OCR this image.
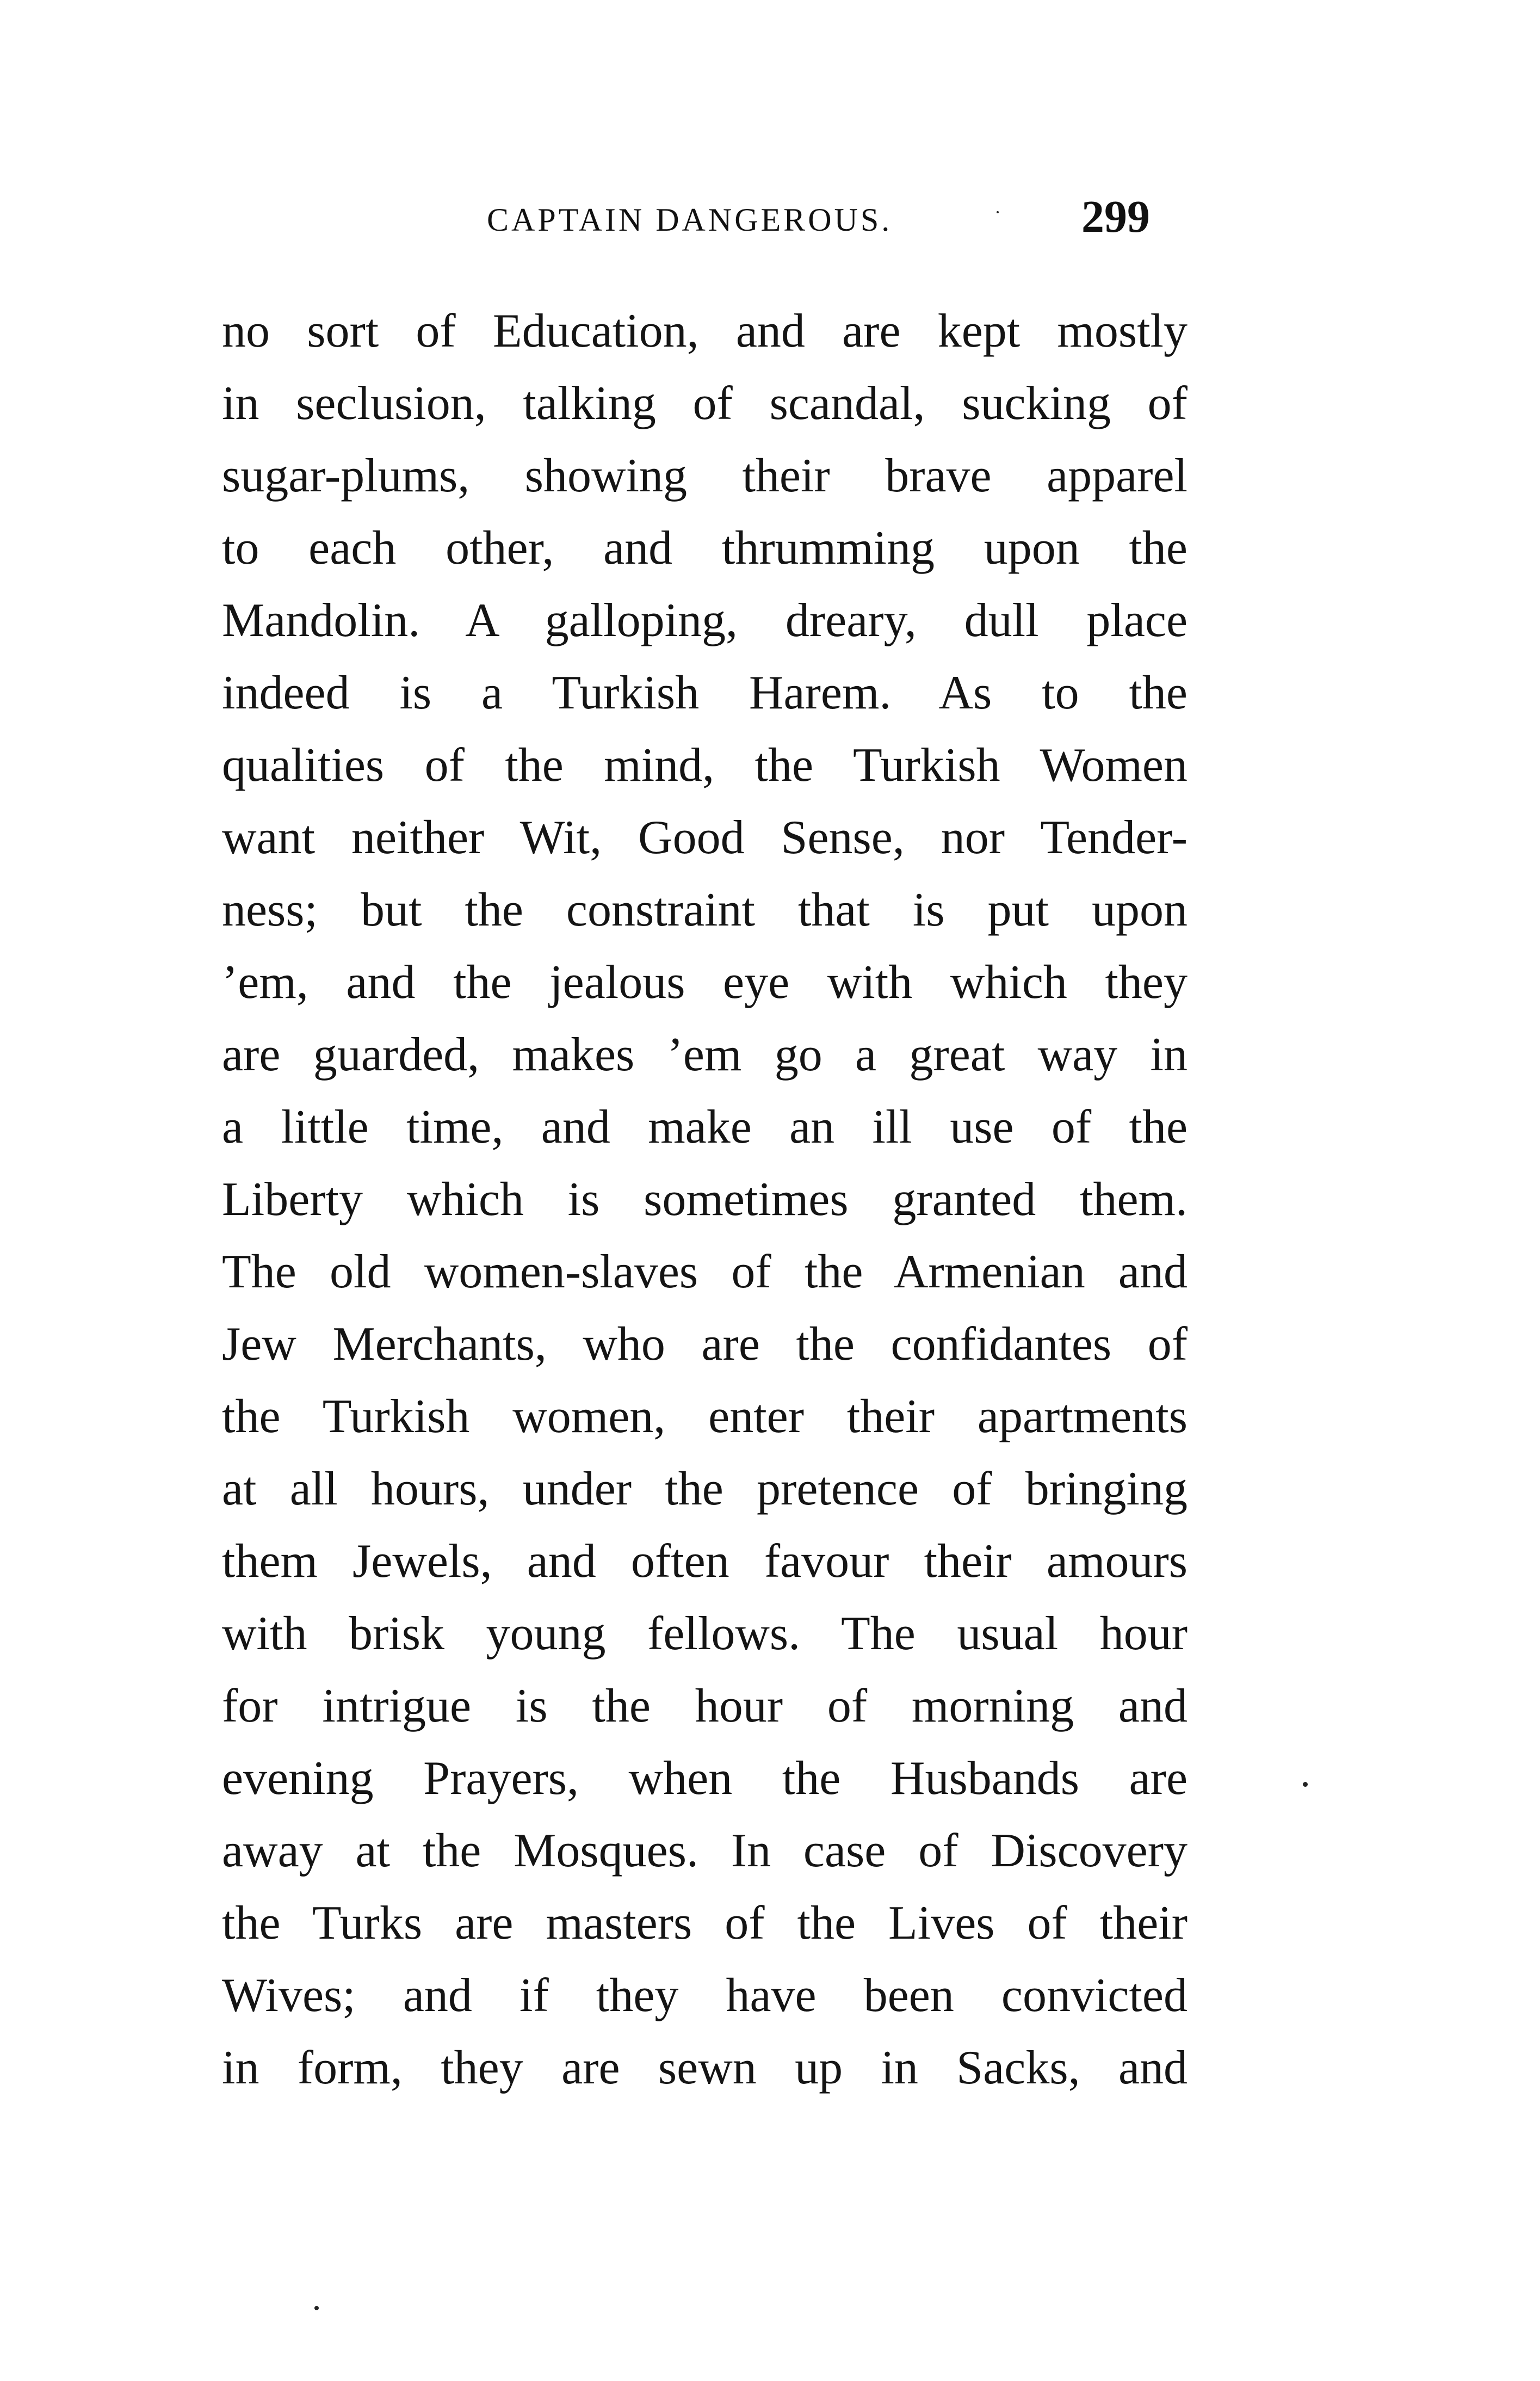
CAPTAIN DANGEROUS.	299
no sort of Education, and are kept mostly
in seclusion, talking of scandal, sucking of
sugar-plums, showing their brave apparel
to each other, and thrumming upon the
Mandolin. A galloping, dreary, dull place
indeed is a Turkish Harem. As to the
qualities of the mind, the Turkish Women
want neither Wit, Good Sense, nor Tender-
ness; but the constraint that is put upon
’em, and the jealous eye with which they
are guarded, makes ’em go a great way in
a little time, and make an ill use of the
Liberty which is sometimes granted them.
The old women-slaves of the Armenian and
Jew Merchants, who are the confidantes of
the Turkish women, enter their apartments
at all hours, under the pretence of bringing
them Jewels, and often favour their amours
with brisk young fellows. The usual hour
for intrigue is the hour of morning and
evening Prayers, when the Husbands are
away at the Mosques. In case of Discovery
the Turks are masters of the Lives of their
Wives; and if they have been convicted
in form, they are sewn up in Sacks, and
